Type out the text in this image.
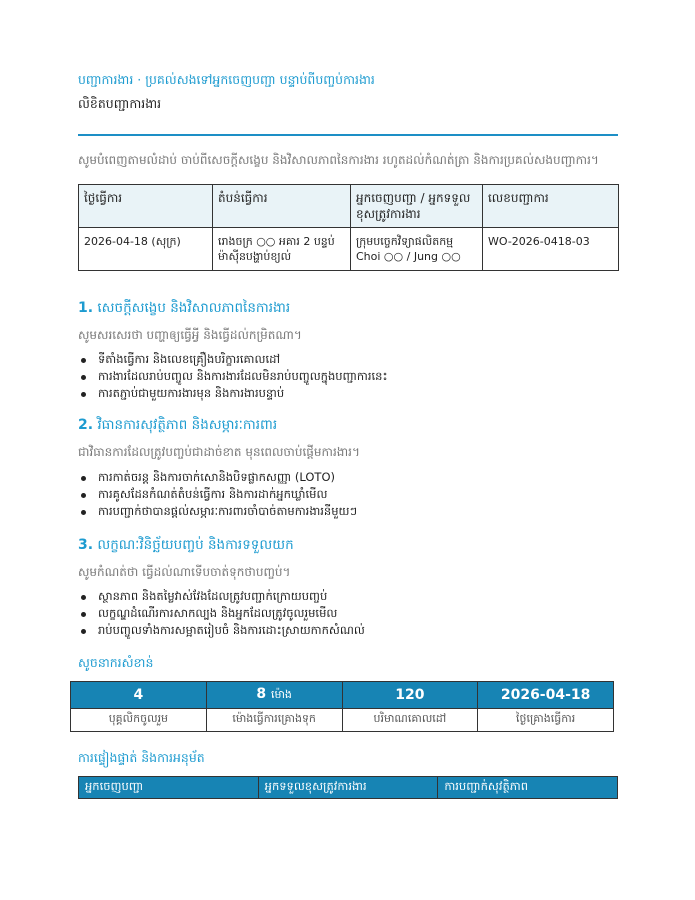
បញ្ជាការងារ · ប្រគល់សងទៅអ្នកចេញបញ្ជា បន្ទាប់ពីបញ្ចប់ការងារ
លិខិតបញ្ជាការងារ
សូមបំពេញតាមលំដាប់ ចាប់ពីសេចក្តីសង្ខេប និងវិសាលភាពនៃការងារ រហូតដល់កំណត់ត្រា និងការប្រគល់សងបញ្ជាការ។
ថ្ងៃធ្វើការ	តំបន់ធ្វើការ	អ្នកចេញបញ្ជា / អ្នកទទួលខុសត្រូវការងារ	លេខបញ្ជាការ
2026-04-18 (សុក្រ)	រោងចក្រ ○○ អគារ 2 បន្ទប់ម៉ាស៊ីនបង្ហាប់ខ្យល់	ក្រុមបច្ចេកវិទ្យាផលិតកម្ម Choi ○○ / Jung ○○	WO-2026-0418-03
1. សេចក្តីសង្ខេប និងវិសាលភាពនៃការងារ
សូមសរសេរថា បញ្ហាឲ្យធ្វើអ្វី និងធ្វើដល់កម្រិតណា។
ទីតាំងធ្វើការ និងលេខគ្រឿងបរិក្ខារគោលដៅ
ការងារដែលរាប់បញ្ចូល និងការងារដែលមិនរាប់បញ្ចូលក្នុងបញ្ជាការនេះ
ការតភ្ជាប់ជាមួយការងារមុន និងការងារបន្ទាប់
2. វិធានការសុវត្ថិភាព និងសម្ភារៈការពារ
ជាវិធានការដែលត្រូវបញ្ចប់ជាដាច់ខាត មុនពេលចាប់ផ្តើមការងារ។
ការកាត់ចរន្ត និងការចាក់សោនិងបិទផ្លាកសញ្ញា (LOTO)
ការគូសដែនកំណត់តំបន់ធ្វើការ និងការដាក់អ្នកឃ្លាំមើល
ការបញ្ជាក់ថាបានផ្តល់សម្ភារៈការពារចាំបាច់តាមការងារនីមួយៗ
3. លក្ខណៈវិនិច្ឆ័យបញ្ចប់ និងការទទួលយក
សូមកំណត់ថា ធ្វើដល់ណាទើបចាត់ទុកថាបញ្ចប់។
ស្ថានភាព និងតម្លៃវាស់វែងដែលត្រូវបញ្ជាក់ក្រោយបញ្ចប់
លក្ខណ្ឌដំណើរការសាកល្បង និងអ្នកដែលត្រូវចូលរួមមើល
រាប់បញ្ចូលទាំងការសម្អាតរៀបចំ និងការដោះស្រាយកាកសំណល់
សូចនាករសំខាន់
4	8 ម៉ោង	120	2026-04-18
បុគ្គលិកចូលរួម	ម៉ោងធ្វើការគ្រោងទុក	បរិមាណគោលដៅ	ថ្ងៃគ្រោងធ្វើការ
ការផ្ទៀងផ្ទាត់ និងការអនុម័ត
អ្នកចេញបញ្ជា	អ្នកទទួលខុសត្រូវការងារ	ការបញ្ជាក់សុវត្ថិភាព
